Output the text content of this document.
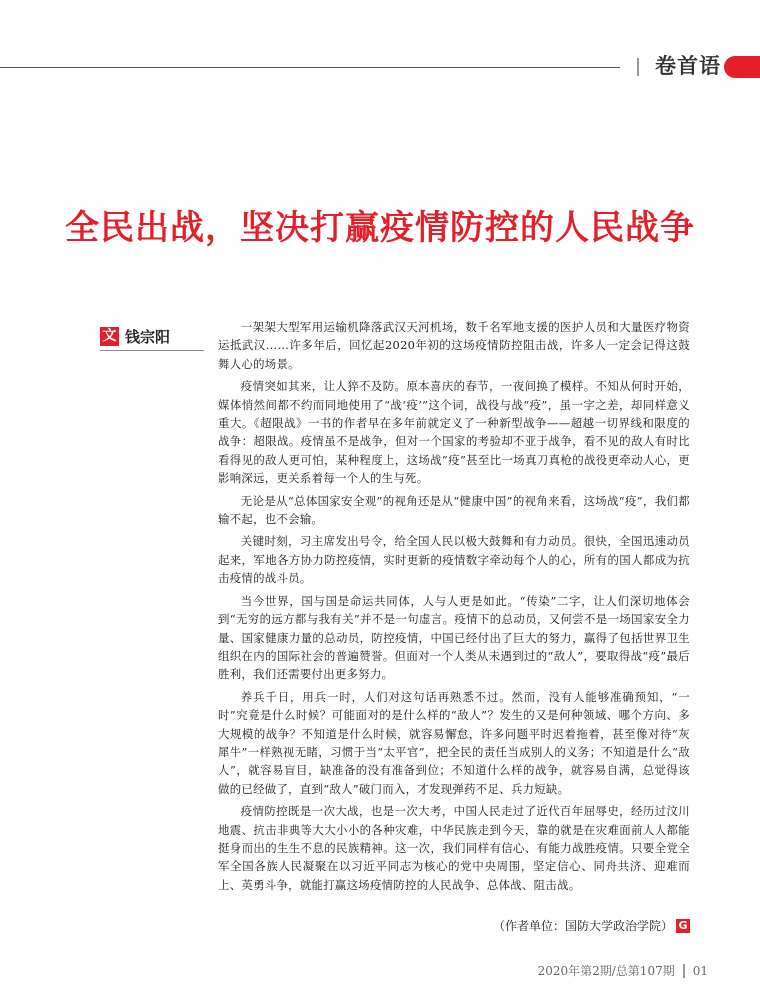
卷首语
全民出战，坚决打赢疫情防控的人民战争
文 钱宗阳

一架架大型军用运输机降落武汉天河机场，数千名军地支援的医护人员和大量医疗物资运抵武汉……许多年后，回忆起2020年初的这场疫情防控阻击战，许多人一定会记得这鼓舞人心的场景。

疫情突如其来，让人猝不及防。原本喜庆的春节，一夜间换了模样。不知从何时开始，媒体悄然间都不约而同地使用了“战‘疫’”这个词，战役与战“疫”，虽一字之差，却同样意义重大。《超限战》一书的作者早在多年前就定义了一种新型战争——超越一切界线和限度的战争：超限战。疫情虽不是战争，但对一个国家的考验却不亚于战争，看不见的敌人有时比看得见的敌人更可怕，某种程度上，这场战“疫”甚至比一场真刀真枪的战役更牵动人心，更影响深远，更关系着每一个人的生与死。

无论是从“总体国家安全观”的视角还是从“健康中国”的视角来看，这场战“疫”，我们都输不起，也不会输。

关键时刻，习主席发出号令，给全国人民以极大鼓舞和有力动员。很快，全国迅速动员起来，军地各方协力防控疫情，实时更新的疫情数字牵动每个人的心，所有的国人都成为抗击疫情的战斗员。

当今世界，国与国是命运共同体，人与人更是如此。“传染”二字，让人们深切地体会到“无穷的远方都与我有关”并不是一句虚言。疫情下的总动员，又何尝不是一场国家安全力量、国家健康力量的总动员，防控疫情，中国已经付出了巨大的努力，赢得了包括世界卫生组织在内的国际社会的普遍赞誉。但面对一个人类从未遇到过的“敌人”，要取得战“疫”最后胜利，我们还需要付出更多努力。

养兵千日，用兵一时，人们对这句话再熟悉不过。然而，没有人能够准确预知，“一时”究竟是什么时候？可能面对的是什么样的“敌人”？发生的又是何种领域、哪个方向、多大规模的战争？不知道是什么时候，就容易懈怠，许多问题平时迟着拖着，甚至像对待“灰犀牛”一样熟视无睹，习惯于当“太平官”，把全民的责任当成别人的义务；不知道是什么“敌人”，就容易盲目，缺准备的没有准备到位；不知道什么样的战争，就容易自满，总觉得该做的已经做了，直到“敌人”破门而入，才发现弹药不足、兵力短缺。

疫情防控既是一次大战，也是一次大考，中国人民走过了近代百年屈辱史，经历过汶川地震、抗击非典等大大小小的各种灾难，中华民族走到今天，靠的就是在灾难面前人人都能挺身而出的生生不息的民族精神。这一次，我们同样有信心、有能力战胜疫情。只要全党全军全国各族人民凝聚在以习近平同志为核心的党中央周围，坚定信心、同舟共济、迎难而上、英勇斗争，就能打赢这场疫情防控的人民战争、总体战、阻击战。

（作者单位：国防大学政治学院） G
2020年第2期/总第107期 01
